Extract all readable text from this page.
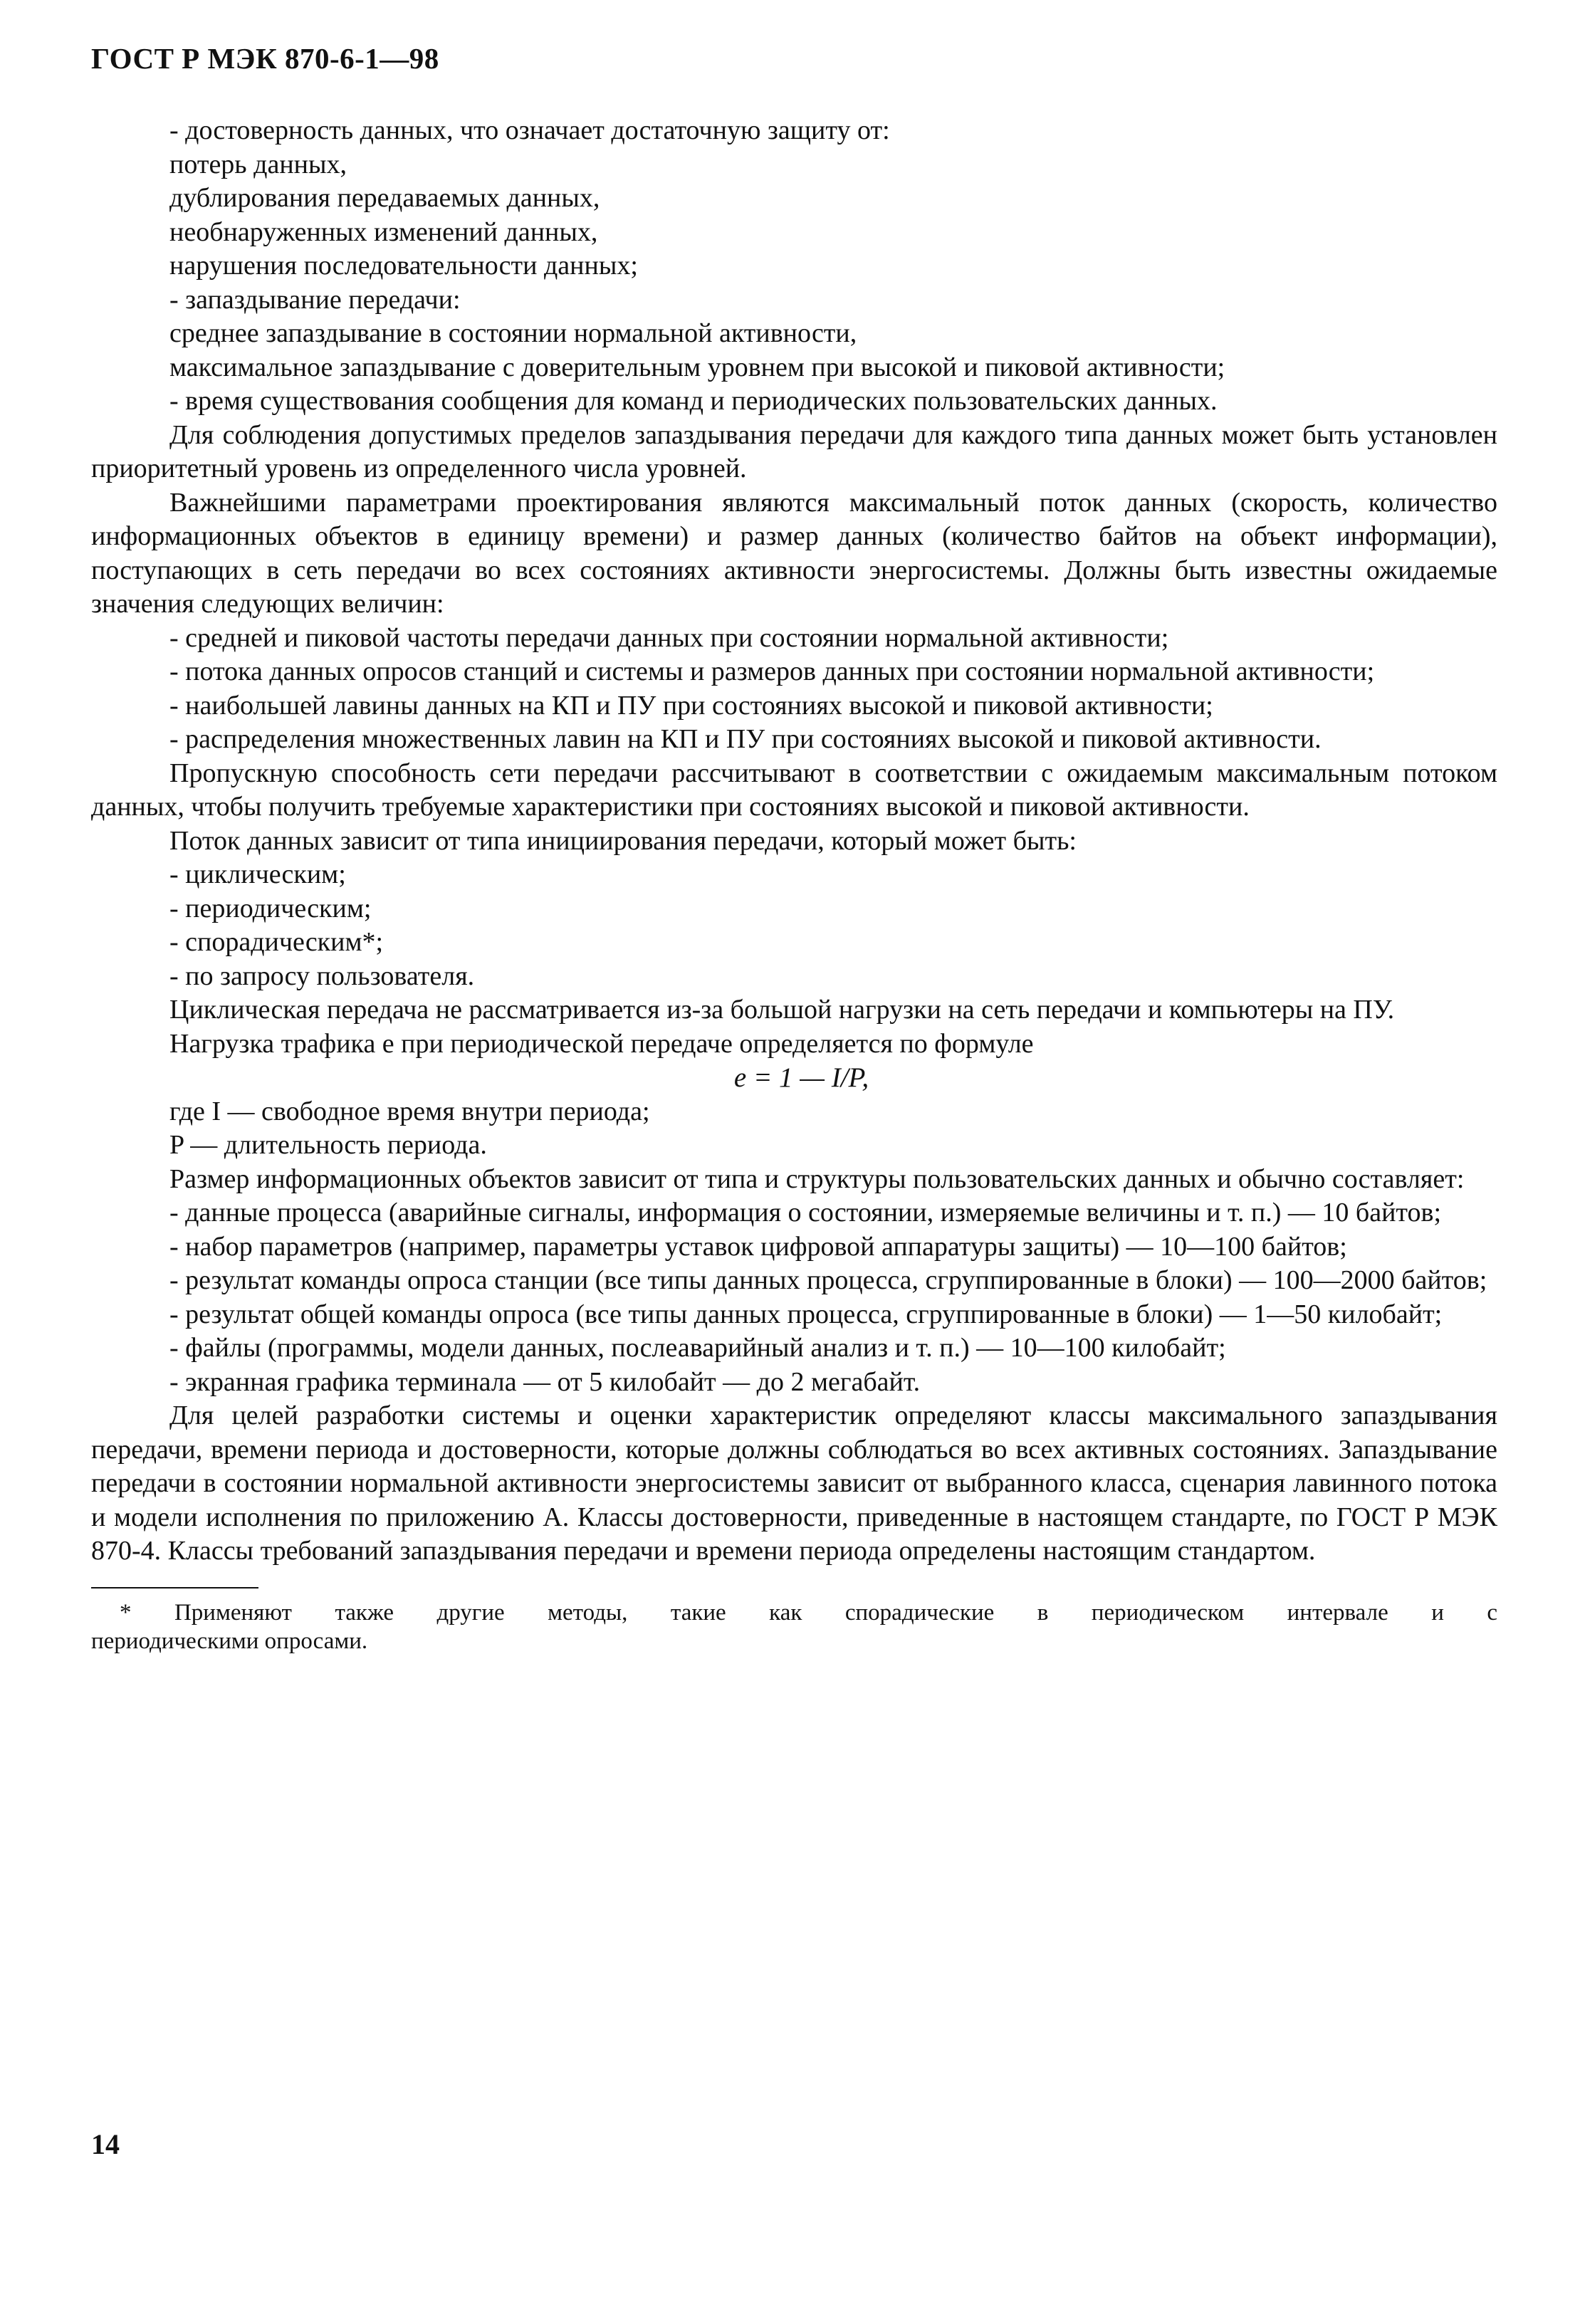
ГОСТ Р МЭК 870-6-1—98

- достоверность данных, что означает достаточную защиту от:

потерь данных,

дублирования передаваемых данных,

необнаруженных изменений данных,

нарушения последовательности данных;

- запаздывание передачи:

среднее запаздывание в состоянии нормальной активности,

максимальное запаздывание с доверительным уровнем при высокой и пиковой активности;

- время существования сообщения для команд и периодических пользовательских данных.

Для соблюдения допустимых пределов запаздывания передачи для каждого типа данных может быть установлен приоритетный уровень из определенного числа уровней.

Важнейшими параметрами проектирования являются максимальный поток данных (скорость, количество информационных объектов в единицу времени) и размер данных (количество байтов на объект информации), поступающих в сеть передачи во всех состояниях активности энергосистемы. Должны быть известны ожидаемые значения следующих величин:

- средней и пиковой частоты передачи данных при состоянии нормальной активности;

- потока данных опросов станций и системы и размеров данных при состоянии нормальной активности;

- наибольшей лавины данных на КП и ПУ при состояниях высокой и пиковой активности;

- распределения множественных лавин на КП и ПУ при состояниях высокой и пиковой активности.

Пропускную способность сети передачи рассчитывают в соответствии с ожидаемым максимальным потоком данных, чтобы получить требуемые характеристики при состояниях высокой и пиковой активности.

Поток данных зависит от типа инициирования передачи, который может быть:

- циклическим;

- периодическим;

- спорадическим*;

- по запросу пользователя.

Циклическая передача не рассматривается из-за большой нагрузки на сеть передачи и компьютеры на ПУ.

Нагрузка трафика e при периодической передаче определяется по формуле

e = 1 — I/P,

где I — свободное время внутри периода;

P — длительность периода.

Размер информационных объектов зависит от типа и структуры пользовательских данных и обычно составляет:

- данные процесса (аварийные сигналы, информация о состоянии, измеряемые величины и т. п.) — 10 байтов;

- набор параметров (например, параметры уставок цифровой аппаратуры защиты) — 10—100 байтов;

- результат команды опроса станции (все типы данных процесса, сгруппированные в блоки) — 100—2000 байтов;

- результат общей команды опроса (все типы данных процесса, сгруппированные в блоки) — 1—50 килобайт;

- файлы (программы, модели данных, послеаварийный анализ и т. п.) — 10—100 килобайт;

- экранная графика терминала — от 5 килобайт — до 2 мегабайт.

Для целей разработки системы и оценки характеристик определяют классы максимального запаздывания передачи, времени периода и достоверности, которые должны соблюдаться во всех активных состояниях. Запаздывание передачи в состоянии нормальной активности энергосистемы зависит от выбранного класса, сценария лавинного потока и модели исполнения по приложению А. Классы достоверности, приведенные в настоящем стандарте, по ГОСТ Р МЭК 870-4. Классы требований запаздывания передачи и времени периода определены настоящим стандартом.

* Применяют также другие методы, такие как спорадические в периодическом интервале и с

периодическими опросами.

14
